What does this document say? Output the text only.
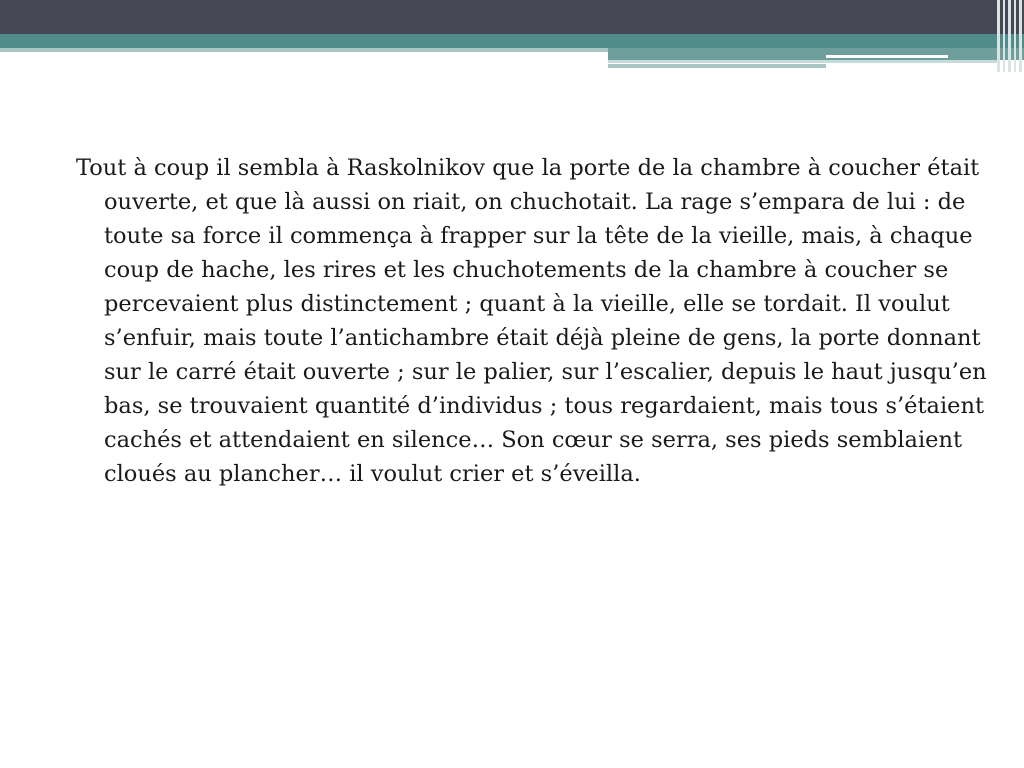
Tout à coup il sembla à Raskolnikov que la porte de la chambre à coucher était ouverte, et que là aussi on riait, on chuchotait. La rage s’empara de lui : de toute sa force il commença à frapper sur la tête de la vieille, mais, à chaque coup de hache, les rires et les chuchotements de la chambre à coucher se percevaient plus distinctement ; quant à la vieille, elle se tordait. Il voulut s’enfuir, mais toute l’antichambre était déjà pleine de gens, la porte donnant sur le carré était ouverte ; sur le palier, sur l’escalier, depuis le haut jusqu’en bas, se trouvaient quantité d’individus ; tous regardaient, mais tous s’étaient cachés et attendaient en silence… Son cœur se serra, ses pieds semblaient cloués au plancher… il voulut crier et s’éveilla.
